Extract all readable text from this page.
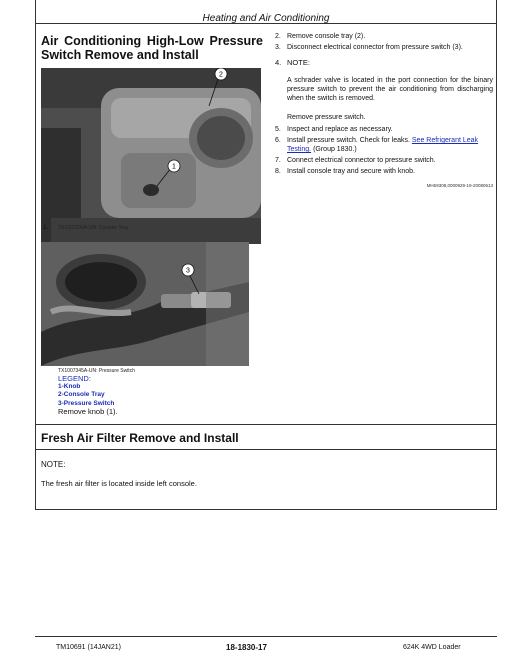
Heating and Air Conditioning
Air Conditioning High-Low Pressure
Switch Remove and Install
2
1
1. TX1007230A-UN: Console Tray
3
TX1007345A-UN: Pressure Switch
LEGEND:
1-Knob
2-Console Tray
3-Pressure Switch
Remove knob (1).
2. Remove console tray (2).
3. Disconnect electrical connector from pressure switch (3).
4. NOTE:
A schrader valve is located in the port connection for the binary pressure switch to prevent the air conditioning from discharging when the switch is removed.
Remove pressure switch.
5. Inspect and replace as necessary.
6. Install pressure switch. Check for leaks. See Refrigerant Leak Testing. (Group 1830.)
7. Connect electrical connector to pressure switch.
8. Install console tray and secure with knob.
MH69308,0000929-19-20080613
Fresh Air Filter Remove and Install
NOTE:
The fresh air filter is located inside left console.
TM10691 (14JAN21)	18-1830-17	624K 4WD Loader
